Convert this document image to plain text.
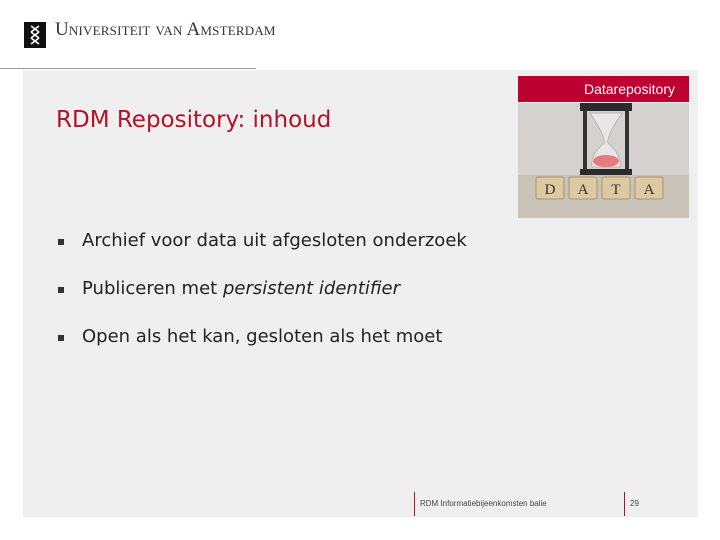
Universiteit van Amsterdam
RDM Repository: inhoud
Datarepository
D A T A
Archief voor data uit afgesloten onderzoek
Publiceren met persistent identifier
Open als het kan, gesloten als het moet
RDM Informatiebijeenkomsten balie	29
